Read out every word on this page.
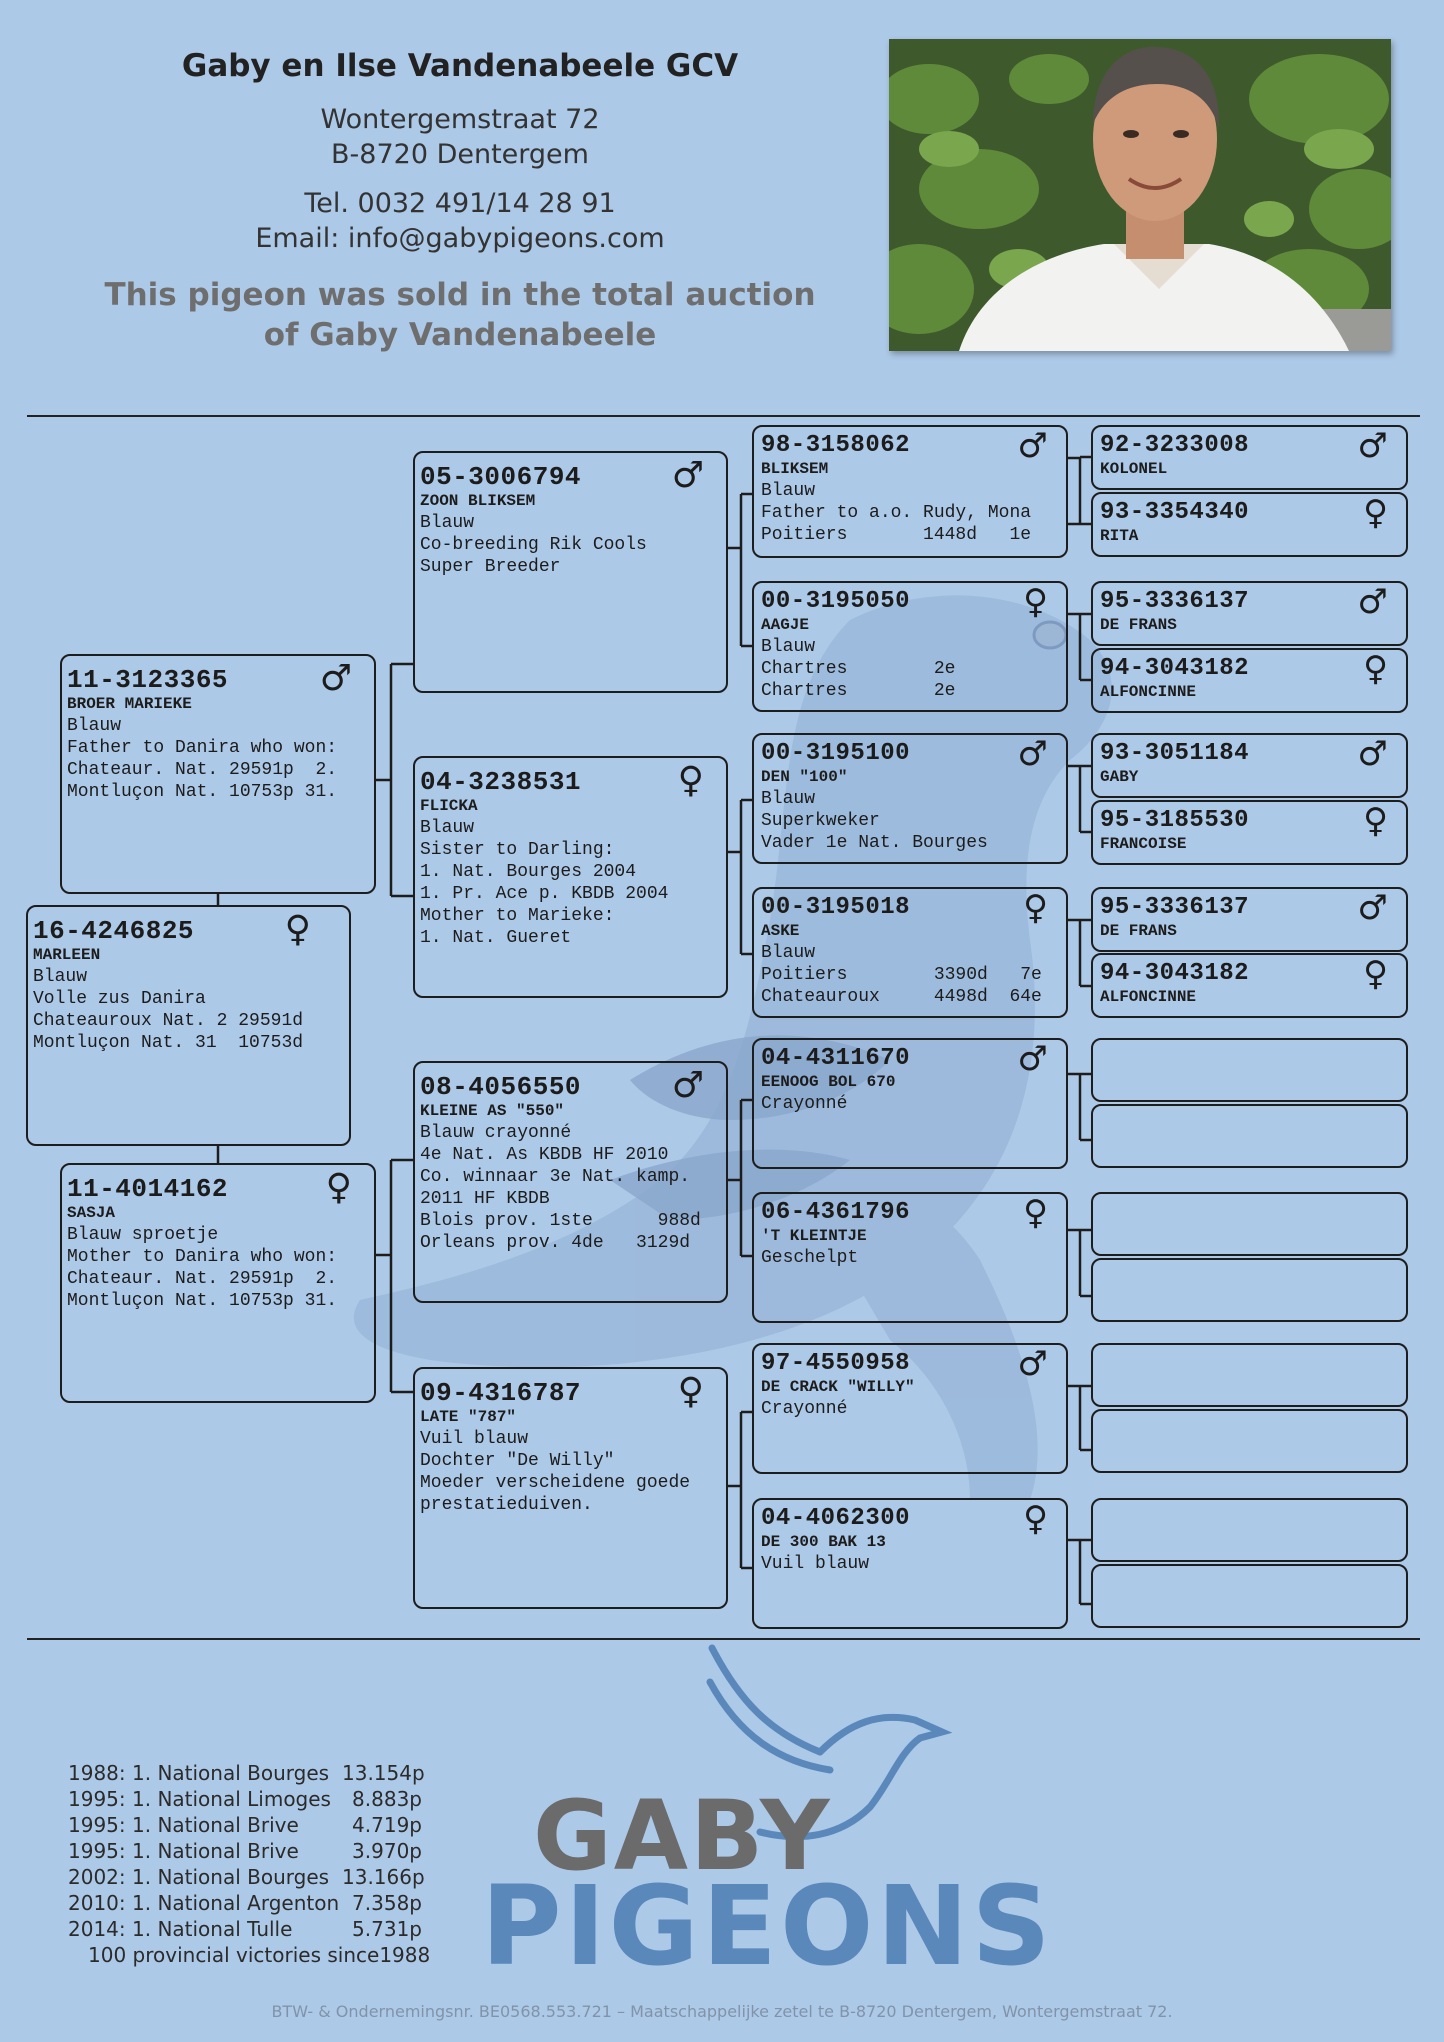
Gaby en Ilse Vandenabeele GCV
Wontergemstraat 72
B-8720 Dentergem
Tel. 0032 491/14 28 91
Email: info@gabypigeons.com
This pigeon was sold in the total auction
of Gaby Vandenabeele
11-3123365	♂
BROER MARIEKE
Blauw
Father to Danira who won:
Chateaur. Nat. 29591p  2.
Montluçon Nat. 10753p 31.
16-4246825	♀
MARLEEN
Blauw
Volle zus Danira
Chateauroux Nat. 2 29591d
Montluçon Nat. 31  10753d
11-4014162	♀
SASJA
Blauw sproetje
Mother to Danira who won:
Chateaur. Nat. 29591p  2.
Montluçon Nat. 10753p 31.
05-3006794	♂
ZOON BLIKSEM
Blauw
Co-breeding Rik Cools
Super Breeder
04-3238531	♀
FLICKA
Blauw
Sister to Darling:
1. Nat. Bourges 2004
1. Pr. Ace p. KBDB 2004
Mother to Marieke:
1. Nat. Gueret
08-4056550	♂
KLEINE AS "550"
Blauw crayonné
4e Nat. As KBDB HF 2010
Co. winnaar 3e Nat. kamp.
2011 HF KBDB
Blois prov. 1ste      988d
Orleans prov. 4de   3129d
09-4316787	♀
LATE "787"
Vuil blauw
Dochter "De Willy"
Moeder verscheidene goede
prestatieduiven.
98-3158062	♂
BLIKSEM
Blauw
Father to a.o. Rudy, Mona
Poitiers       1448d   1e
00-3195050	♀
AAGJE
Blauw
Chartres        2e
Chartres        2e
00-3195100	♂
DEN "100"
Blauw
Superkweker
Vader 1e Nat. Bourges
00-3195018	♀
ASKE
Blauw
Poitiers        3390d   7e
Chateauroux     4498d  64e
04-4311670	♂
EENOOG BOL 670
Crayonné
06-4361796	♀
'T KLEINTJE
Geschelpt
97-4550958	♂
DE CRACK "WILLY"
Crayonné
04-4062300	♀
DE 300 BAK 13
Vuil blauw
92-3233008	♂
KOLONEL
93-3354340	♀
RITA
95-3336137	♂
DE FRANS
94-3043182	♀
ALFONCINNE
93-3051184	♂
GABY
95-3185530	♀
FRANCOISE
95-3336137	♂
DE FRANS
94-3043182	♀
ALFONCINNE
1988: 1. National Bourges 13.154p
1995: 1. National Limoges 8.883p
1995: 1. National Brive	4.719p
1995: 1. National Brive	3.970p
2002: 1. National Bourges 13.166p
2010: 1. National Argenton 7.358p
2014: 1. National Tulle	5.731p
100 provincial victories since1988
GABY
PIGEONS
BTW- & Ondernemingsnr. BE0568.553.721 – Maatschappelijke zetel te B-8720 Dentergem, Wontergemstraat 72.
